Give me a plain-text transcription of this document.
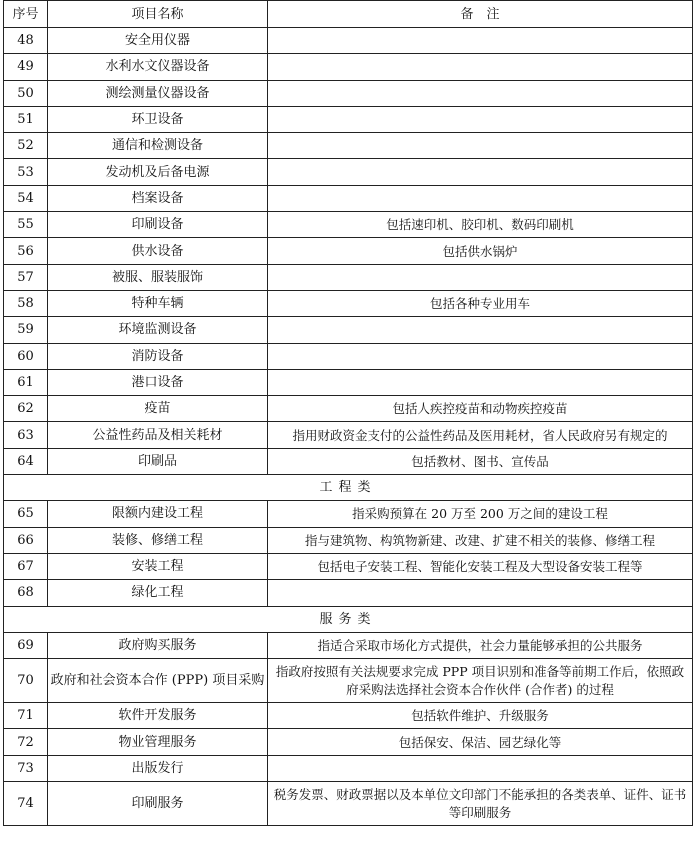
序号	项目名称	备　注
48	安全用仪器	
49	水利水文仪器设备	
50	测绘测量仪器设备	
51	环卫设备	
52	通信和检测设备	
53	发动机及后备电源	
54	档案设备	
55	印刷设备	包括速印机、胶印机、数码印刷机
56	供水设备	包括供水锅炉
57	被服、服装服饰	
58	特种车辆	包括各种专业用车
59	环境监测设备	
60	消防设备	
61	港口设备	
62	疫苗	包括人疾控疫苗和动物疾控疫苗
63	公益性药品及相关耗材	指用财政资金支付的公益性药品及医用耗材，省人民政府另有规定的
64	印刷品	包括教材、图书、宣传品
工程类		
65	限额内建设工程	指采购预算在 20 万至 200 万之间的建设工程
66	装修、修缮工程	指与建筑物、构筑物新建、改建、扩建不相关的装修、修缮工程
67	安装工程	包括电子安装工程、智能化安装工程及大型设备安装工程等
68	绿化工程	
服务类		
69	政府购买服务	指适合采取市场化方式提供，社会力量能够承担的公共服务
70	政府和社会资本合作 (PPP) 项目采购	指政府按照有关法规要求完成 PPP 项目识别和准备等前期工作后，依照政府采购法选择社会资本合作伙伴 (合作者) 的过程
71	软件开发服务	包括软件维护、升级服务
72	物业管理服务	包括保安、保洁、园艺绿化等
73	出版发行	
74	印刷服务	税务发票、财政票据以及本单位文印部门不能承担的各类表单、证件、证书等印刷服务
